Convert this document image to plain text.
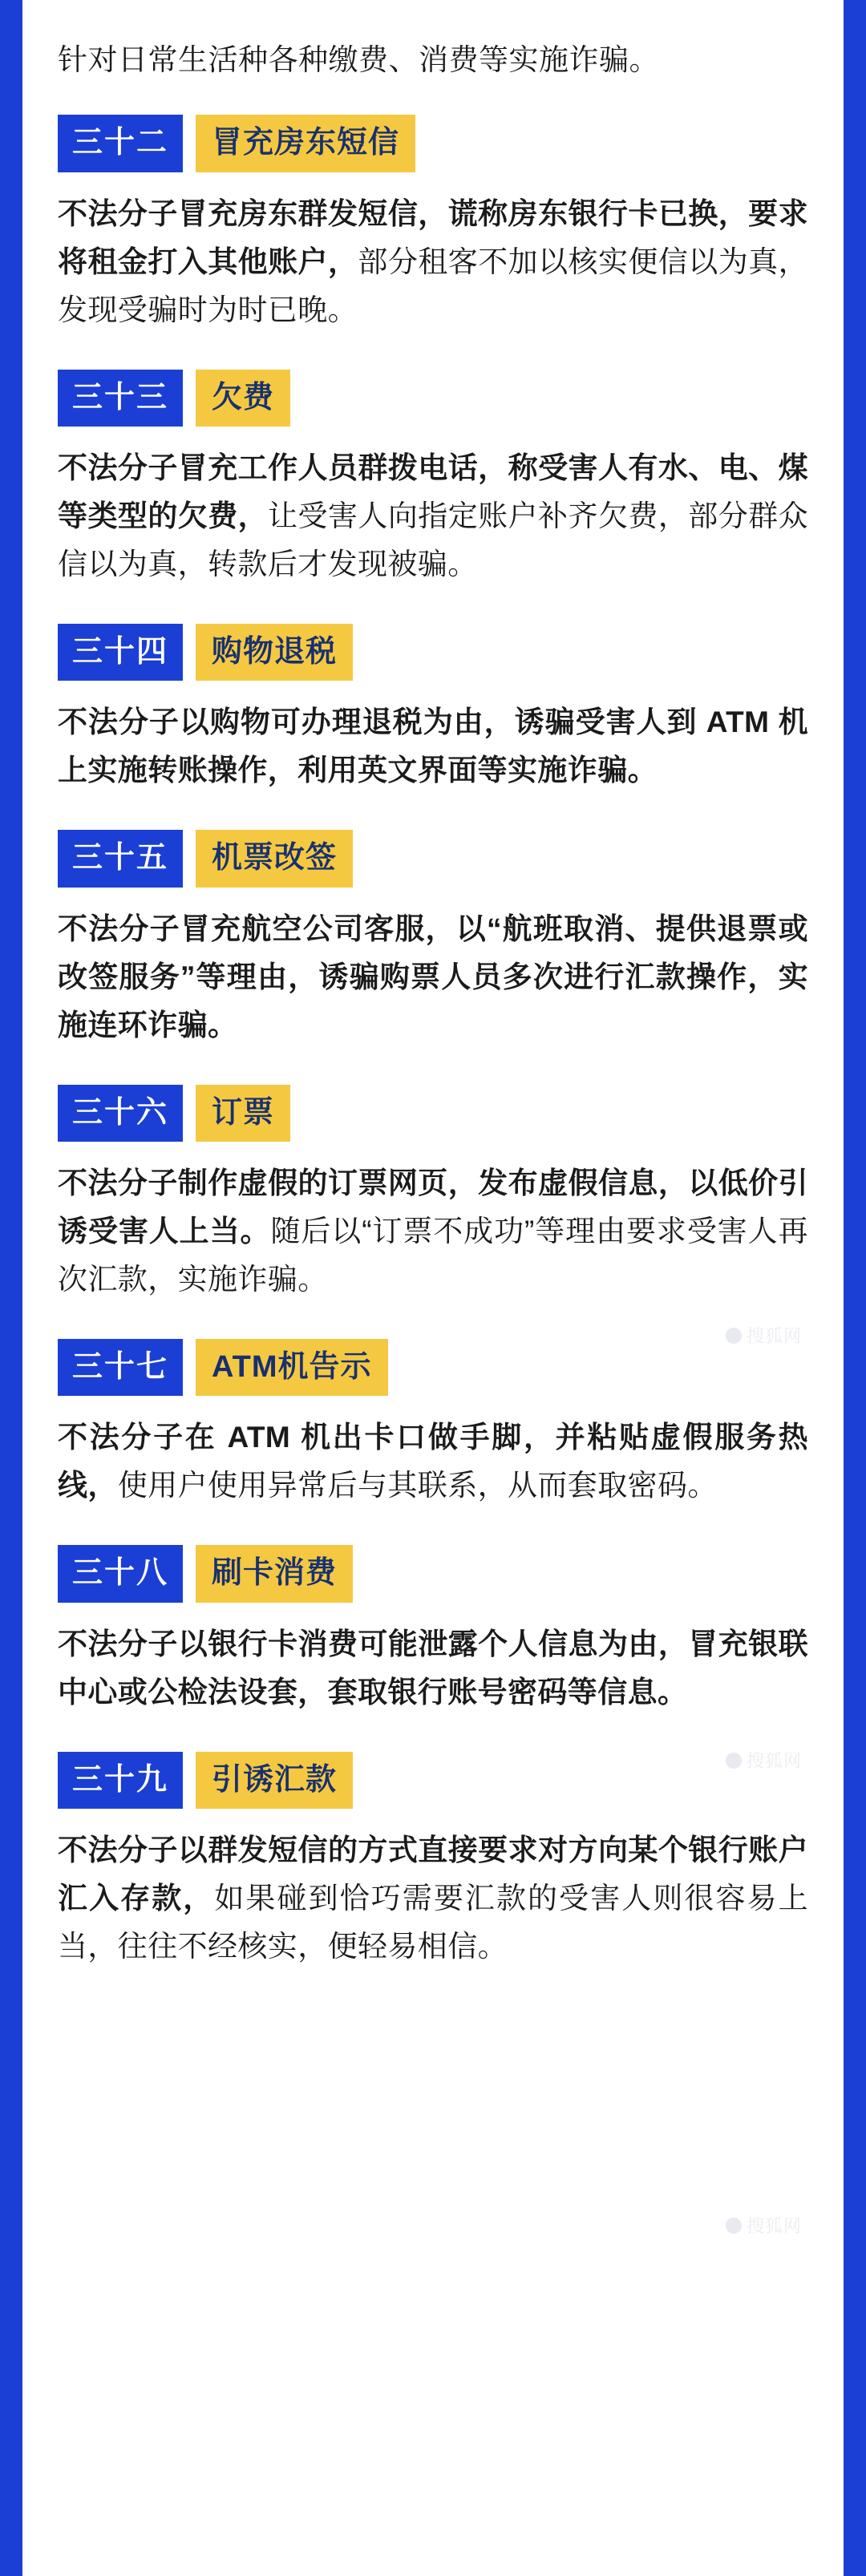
针对日常生活种各种缴费、消费等实施诈骗。

三十二	冒充房东短信

不法分子冒充房东群发短信，谎称房东银行卡已换，要求将租金打入其他账户，部分租客不加以核实便信以为真，发现受骗时为时已晚。

三十三	欠费

不法分子冒充工作人员群拨电话，称受害人有水、电、煤等类型的欠费，让受害人向指定账户补齐欠费，部分群众信以为真，转款后才发现被骗。

三十四	购物退税

不法分子以购物可办理退税为由，诱骗受害人到 ATM 机上实施转账操作，利用英文界面等实施诈骗。

三十五	机票改签

不法分子冒充航空公司客服，以“航班取消、提供退票或改签服务”等理由，诱骗购票人员多次进行汇款操作，实施连环诈骗。

三十六	订票

不法分子制作虚假的订票网页，发布虚假信息，以低价引诱受害人上当。随后以“订票不成功”等理由要求受害人再次汇款，实施诈骗。

三十七	ATM机告示

不法分子在 ATM 机出卡口做手脚，并粘贴虚假服务热线，使用户使用异常后与其联系，从而套取密码。

三十八	刷卡消费

不法分子以银行卡消费可能泄露个人信息为由，冒充银联中心或公检法设套，套取银行账号密码等信息。

三十九	引诱汇款

不法分子以群发短信的方式直接要求对方向某个银行账户汇入存款，如果碰到恰巧需要汇款的受害人则很容易上当，往往不经核实，便轻易相信。

搜狐网
搜狐网
搜狐网
